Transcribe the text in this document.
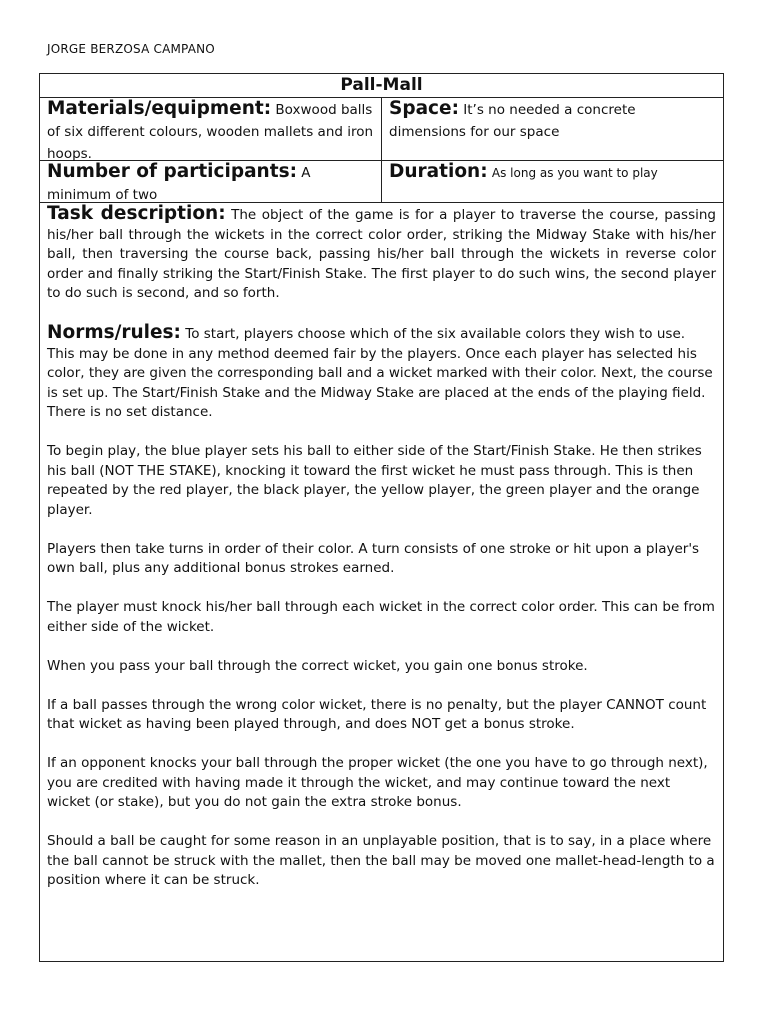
JORGE BERZOSA CAMPANO
Pall-Mall

Materials/equipment: Boxwood balls of six different colours, wooden mallets and iron hoops.

Space: It’s no needed a concrete dimensions for our space

Number of participants: A minimum of two

Duration: As long as you want to play

Task description: The object of the game is for a player to traverse the course, passing his/her ball through the wickets in the correct color order, striking the Midway Stake with his/her ball, then traversing the course back, passing his/her ball through the wickets in reverse color order and finally striking the Start/Finish Stake. The first player to do such wins, the second player to do such is second, and so forth.

Norms/rules: To start, players choose which of the six available colors they wish to use. This may be done in any method deemed fair by the players. Once each player has selected his color, they are given the corresponding ball and a wicket marked with their color. Next, the course is set up. The Start/Finish Stake and the Midway Stake are placed at the ends of the playing field. There is no set distance.

To begin play, the blue player sets his ball to either side of the Start/Finish Stake. He then strikes his ball (NOT THE STAKE), knocking it toward the first wicket he must pass through. This is then repeated by the red player, the black player, the yellow player, the green player and the orange player.

Players then take turns in order of their color. A turn consists of one stroke or hit upon a player's own ball, plus any additional bonus strokes earned.

The player must knock his/her ball through each wicket in the correct color order. This can be from either side of the wicket.

When you pass your ball through the correct wicket, you gain one bonus stroke.

If a ball passes through the wrong color wicket, there is no penalty, but the player CANNOT count that wicket as having been played through, and does NOT get a bonus stroke.

If an opponent knocks your ball through the proper wicket (the one you have to go through next), you are credited with having made it through the wicket, and may continue toward the next wicket (or stake), but you do not gain the extra stroke bonus.

Should a ball be caught for some reason in an unplayable position, that is to say, in a place where the ball cannot be struck with the mallet, then the ball may be moved one mallet-head-length to a position where it can be struck.
